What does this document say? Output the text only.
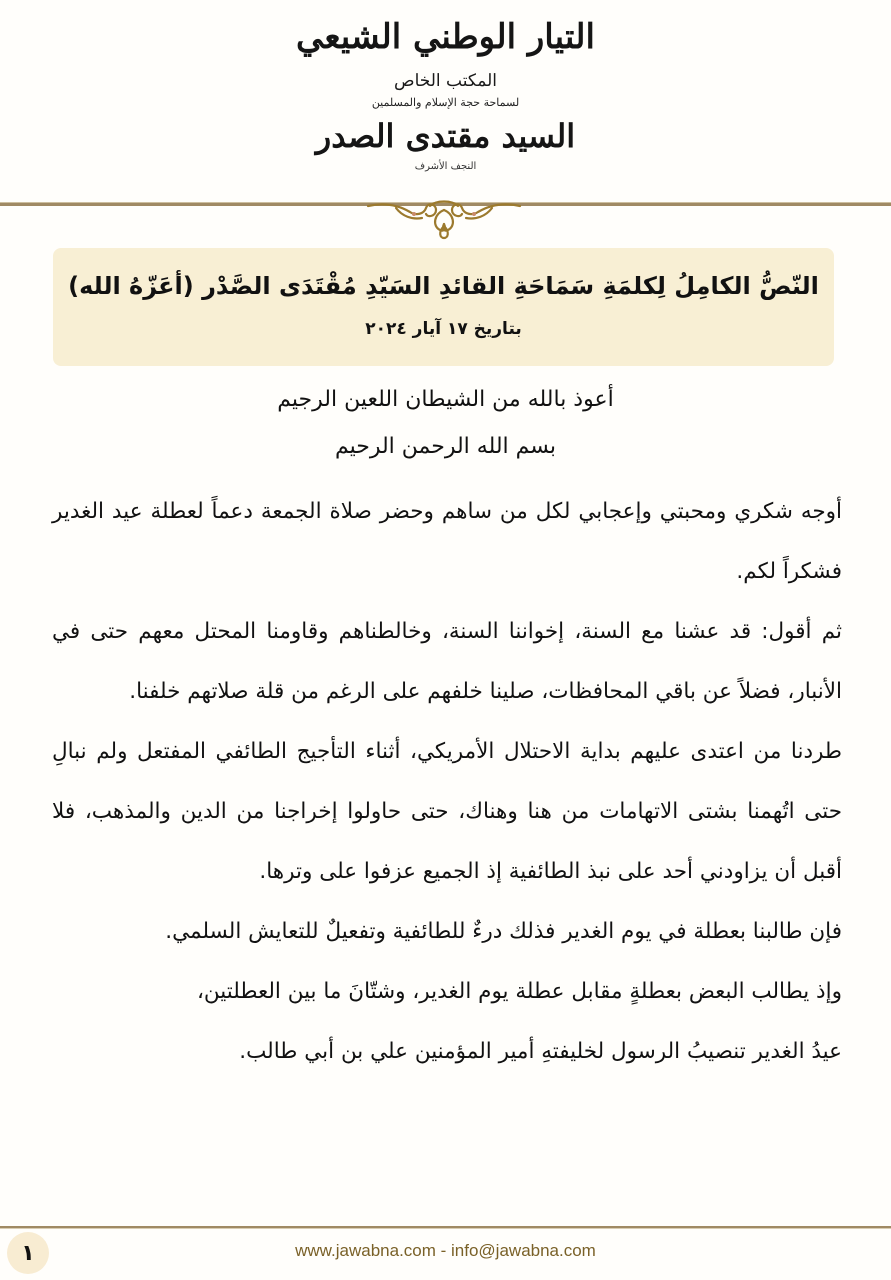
التيار الوطني الشيعي
المكتب الخاص
لسماحة حجة الإسلام والمسلمين
السيد مقتدى الصدر
النجف الأشرف
النّصُّ الكامِلُ لِكلمَةِ سَمَاحَةِ القائدِ السَيّدِ مُقْتَدَى الصَّدْر (أعَزّهُ الله)
بتاريخ ١٧ آيار ٢٠٢٤
أعوذ بالله من الشيطان اللعين الرجيم
بسم الله الرحمن الرحيم

أوجه شكري ومحبتي وإعجابي لكل من ساهم وحضر صلاة الجمعة دعماً لعطلة عيد الغدير فشكراً لكم.

ثم أقول: قد عشنا مع السنة، إخواننا السنة، وخالطناهم وقاومنا المحتل معهم حتى في الأنبار، فضلاً عن باقي المحافظات، صلينا خلفهم على الرغم من قلة صلاتهم خلفنا.

طردنا من اعتدى عليهم بداية الاحتلال الأمريكي، أثناء التأجيج الطائفي المفتعل ولم نبالِ حتى اتُهمنا بشتى الاتهامات من هنا وهناك، حتى حاولوا إخراجنا من الدين والمذهب، فلا أقبل أن يزاودني أحد على نبذ الطائفية إذ الجميع عزفوا على وترها.

فإن طالبنا بعطلة في يوم الغدير فذلك درءٌ للطائفية وتفعيلٌ للتعايش السلمي.

وإذ يطالب البعض بعطلةٍ مقابل عطلة يوم الغدير، وشتّانَ ما بين العطلتين،

عيدُ الغدير تنصيبُ الرسول لخليفتهِ أمير المؤمنين علي بن أبي طالب.

١	www.jawabna.com - info@jawabna.com
